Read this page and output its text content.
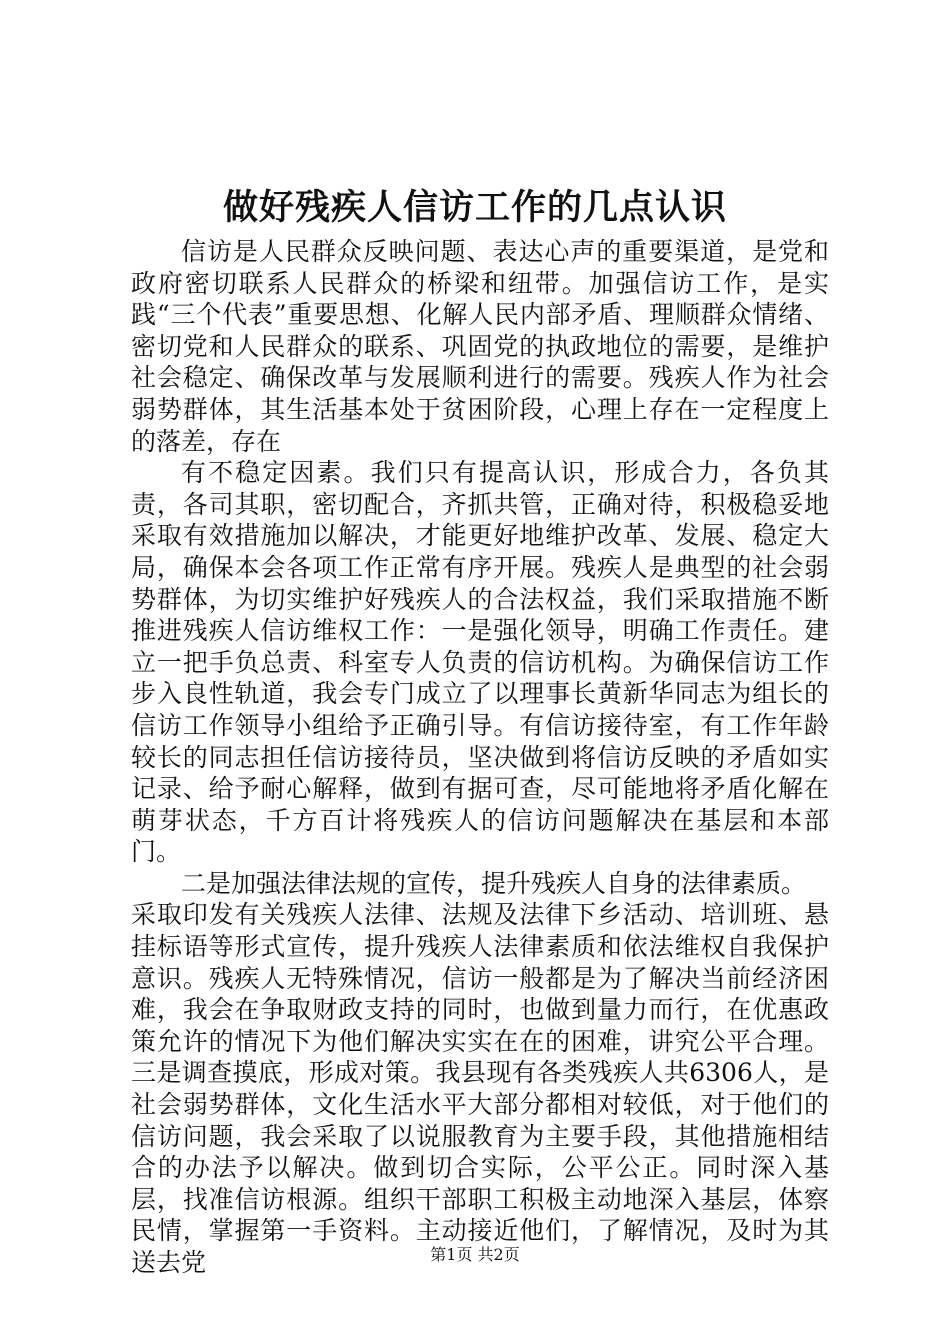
做好残疾人信访工作的几点认识

信访是人民群众反映问题、表达心声的重要渠道，是党和政府密切联系人民群众的桥梁和纽带。加强信访工作，是实践“三个代表”重要思想、化解人民内部矛盾、理顺群众情绪、密切党和人民群众的联系、巩固党的执政地位的需要，是维护社会稳定、确保改革与发展顺利进行的需要。残疾人作为社会弱势群体，其生活基本处于贫困阶段，心理上存在一定程度上的落差，存在

有不稳定因素。我们只有提高认识，形成合力，各负其责，各司其职，密切配合，齐抓共管，正确对待，积极稳妥地采取有效措施加以解决，才能更好地维护改革、发展、稳定大局，确保本会各项工作正常有序开展。残疾人是典型的社会弱势群体，为切实维护好残疾人的合法权益，我们采取措施不断推进残疾人信访维权工作：一是强化领导，明确工作责任。建立一把手负总责、科室专人负责的信访机构。为确保信访工作步入良性轨道，我会专门成立了以理事长黄新华同志为组长的信访工作领导小组给予正确引导。有信访接待室，有工作年龄较长的同志担任信访接待员，坚决做到将信访反映的矛盾如实记录、给予耐心解释，做到有据可查，尽可能地将矛盾化解在萌芽状态，千方百计将残疾人的信访问题解决在基层和本部门。

二是加强法律法规的宣传，提升残疾人自身的法律素质。

采取印发有关残疾人法律、法规及法律下乡活动、培训班、悬挂标语等形式宣传，提升残疾人法律素质和依法维权自我保护意识。残疾人无特殊情况，信访一般都是为了解决当前经济困难，我会在争取财政支持的同时，也做到量力而行，在优惠政策允许的情况下为他们解决实实在在的困难，讲究公平合理。三是调查摸底，形成对策。我县现有各类残疾人共6306人，是社会弱势群体，文化生活水平大部分都相对较低，对于他们的信访问题，我会采取了以说服教育为主要手段，其他措施相结合的办法予以解决。做到切合实际，公平公正。同时深入基层，找准信访根源。组织干部职工积极主动地深入基层，体察民情，掌握第一手资料。主动接近他们，了解情况，及时为其送去党	第1页 共2页
